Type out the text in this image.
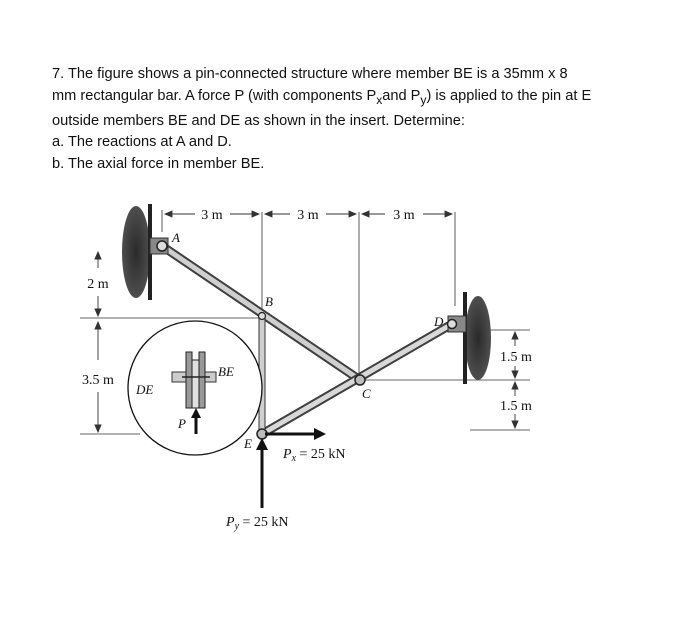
7. The figure shows a pin-connected structure where member BE is a 35mm x 8
mm rectangular bar. A force P (with components $P_xand$ $P_y$) is applied to the pin at E
outside members BE and DE as shown in the insert. Determine:
a. The reactions at A and D.
b. The axial force in member BE.

3 m	3 m	3 m
2 m
3.5 m
1.5 m
1.5 m
A
B
C
D
E
BE
DE
P
$P_x = 25$ kN
$P_y = 25$ kN
